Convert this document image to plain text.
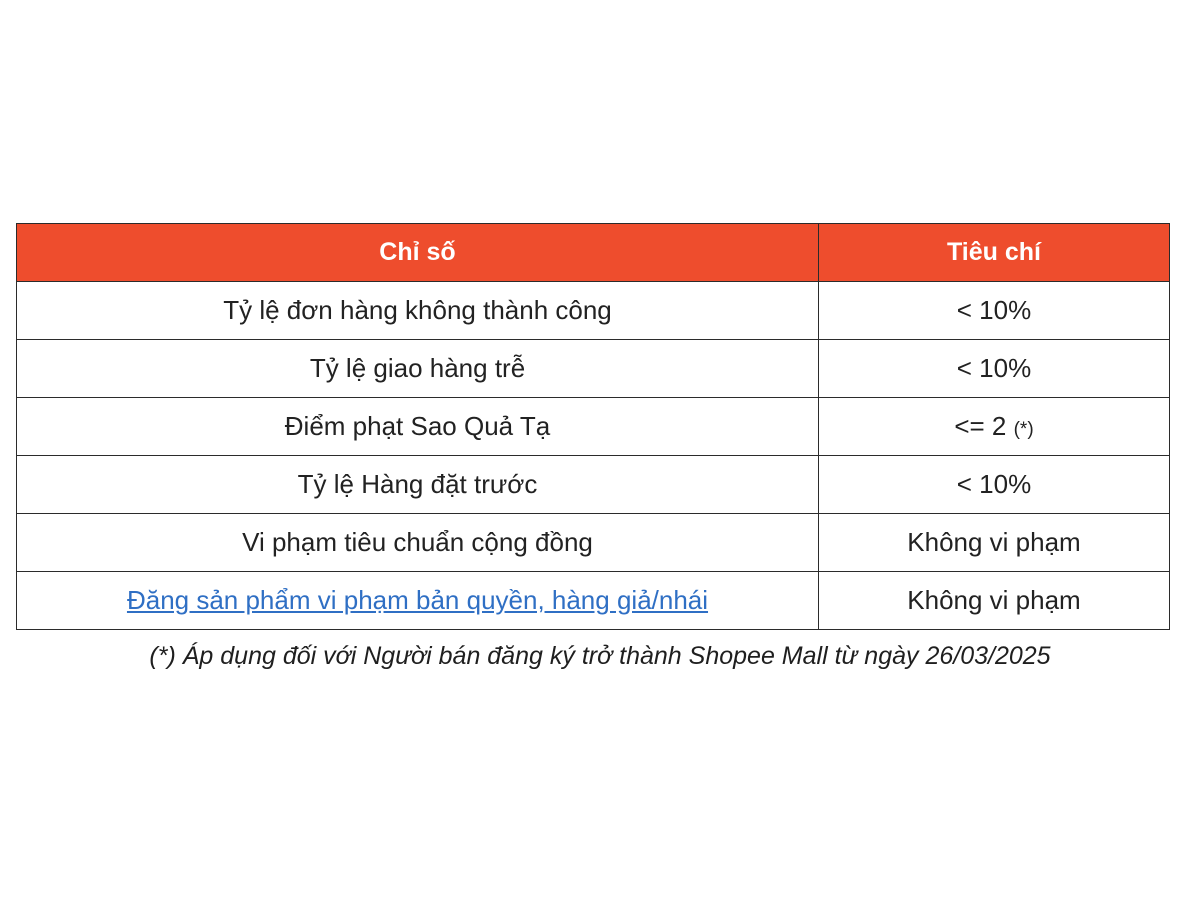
Chỉ số	Tiêu chí
Tỷ lệ đơn hàng không thành công	< 10%
Tỷ lệ giao hàng trễ	< 10%
Điểm phạt Sao Quả Tạ	<= 2 (*)
Tỷ lệ Hàng đặt trước	< 10%
Vi phạm tiêu chuẩn cộng đồng	Không vi phạm
Đăng sản phẩm vi phạm bản quyền, hàng giả/nhái	Không vi phạm
(*) Áp dụng đối với Người bán đăng ký trở thành Shopee Mall từ ngày 26/03/2025
